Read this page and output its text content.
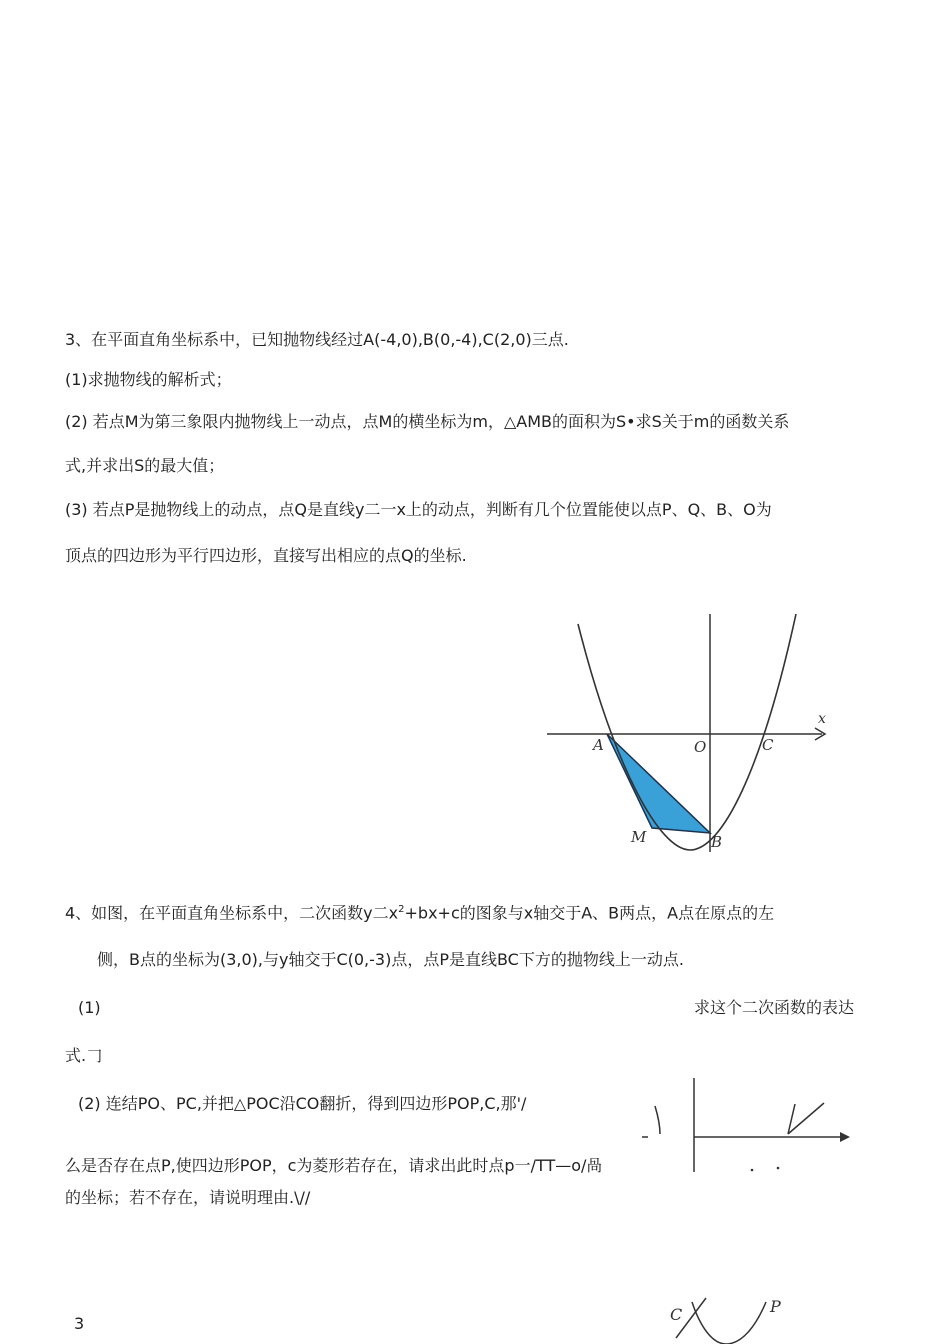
3、在平面直角坐标系中，已知抛物线经过A(-4,0),B(0,-4),C(2,0)三点.
(1)求抛物线的解析式；
(2) 若点M为第三象限内抛物线上一动点，点M的横坐标为m，△AMB的面积为S•求S关于m的函数关系
式,并求出S的最大值；
(3) 若点P是抛物线上的动点，点Q是直线y二一x上的动点，判断有几个位置能使以点P、Q、B、O为
顶点的四边形为平行四边形，直接写出相应的点Q的坐标.
x
A	O	C
M	B
4、如图，在平面直角坐标系中，二次函数y二$x^2+bx+c$的图象与x轴交于A、B两点，A点在原点的左
侧，B点的坐标为(3,0),与y轴交于C(0,-3)点，点P是直线BC下方的抛物线上一动点.
(1)	求这个二次函数的表达
式.𠃌
(2) 连结PO、PC,并把△POC沿CO翻折，得到四边形POP,C,那'/
么是否存在点P,使四边形POP，c为菱形若存在，请求出此时点p一/TT—o/咼
的坐标；若不存在，请说明理由.\//
C	P
3
